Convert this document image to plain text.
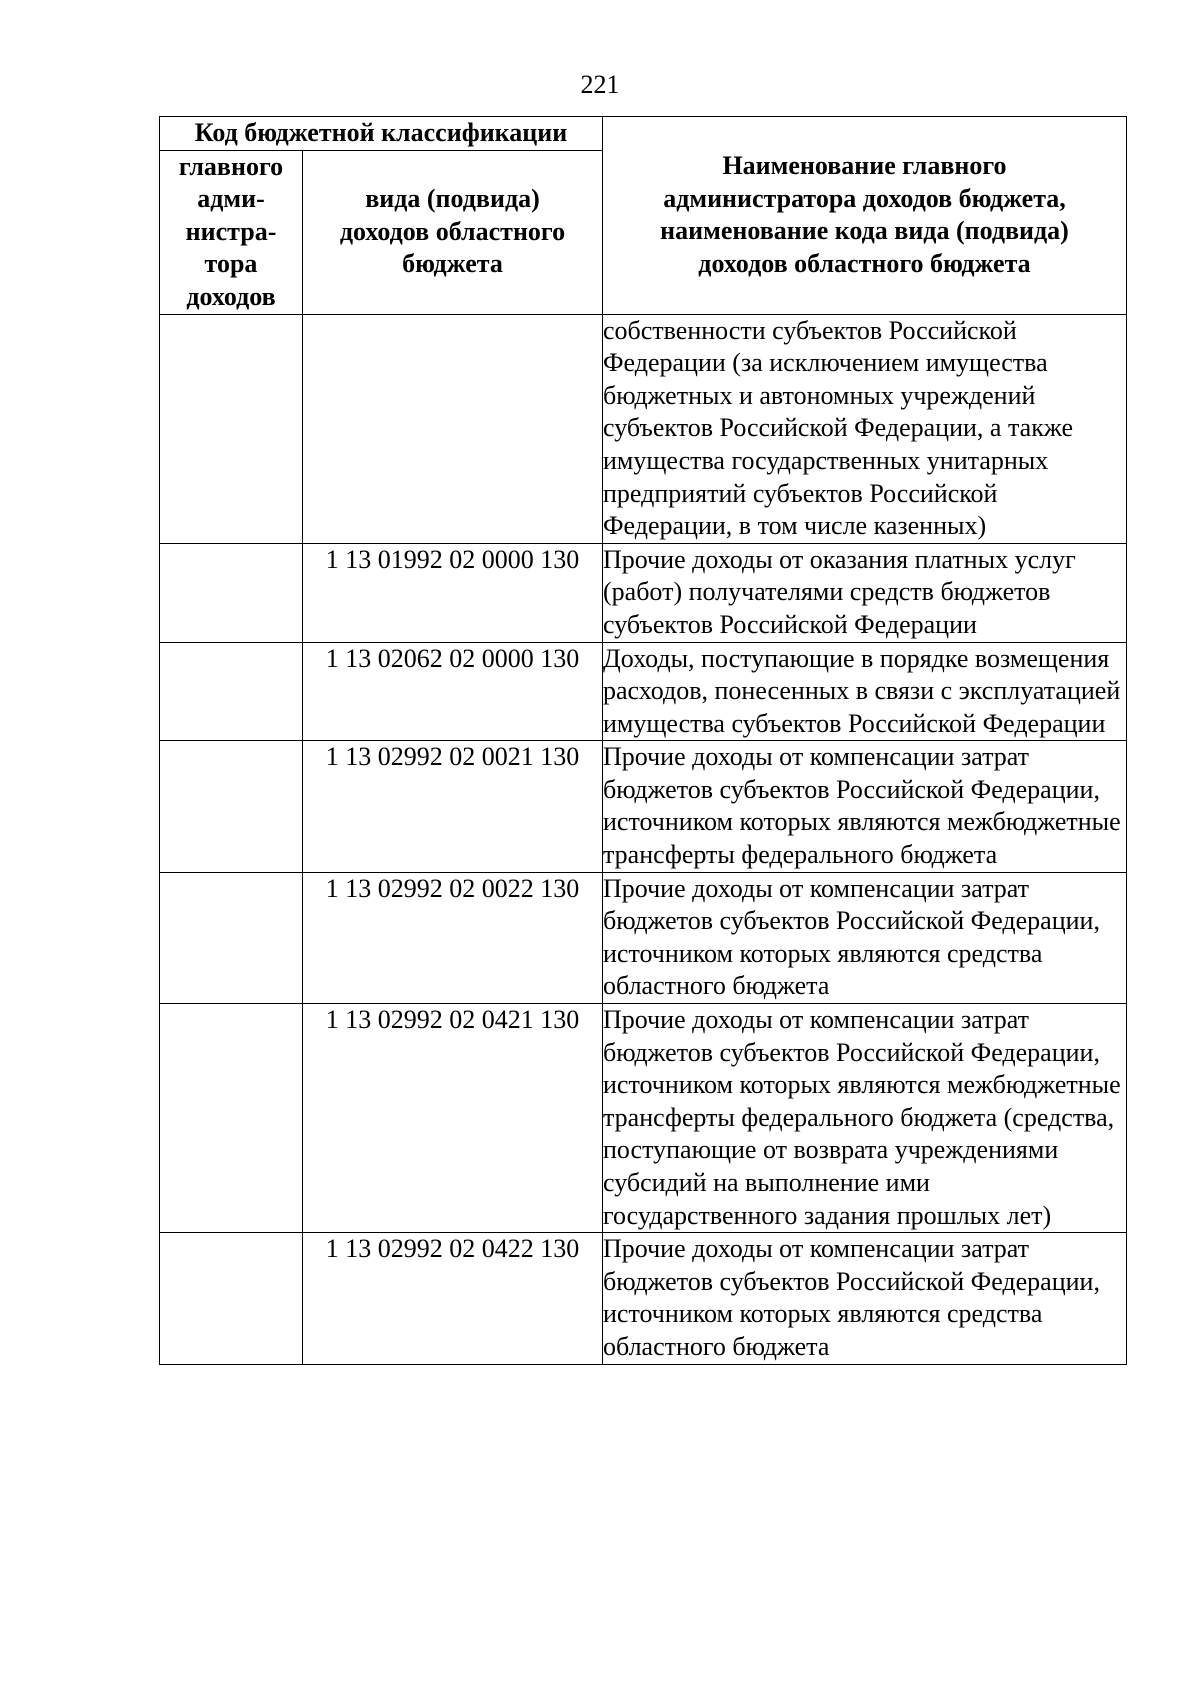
221
Код бюджетной классификации		Наименование главного
администратора доходов бюджета,
наименование кода вида (подвида)
доходов областного бюджета
главного
адми-
нистра-
тора
доходов	вида (подвида)
доходов областного
бюджета	
		собственности субъектов Российской Федерации (за исключением имущества бюджетных и автономных учреждений субъектов Российской Федерации, а также имущества государственных унитарных предприятий субъектов Российской Федерации, в том числе казенных)
	1 13 01992 02 0000 130	Прочие доходы от оказания платных услуг (работ) получателями средств бюджетов субъектов Российской Федерации
	1 13 02062 02 0000 130	Доходы, поступающие в порядке возмещения расходов, понесенных в связи с эксплуатацией имущества субъектов Российской Федерации
	1 13 02992 02 0021 130	Прочие доходы от компенсации затрат бюджетов субъектов Российской Федерации, источником которых являются межбюджетные трансферты федерального бюджета
	1 13 02992 02 0022 130	Прочие доходы от компенсации затрат бюджетов субъектов Российской Федерации, источником которых являются средства областного бюджета
	1 13 02992 02 0421 130	Прочие доходы от компенсации затрат бюджетов субъектов Российской Федерации, источником которых являются межбюджетные трансферты федерального бюджета (средства, поступающие от возврата учреждениями субсидий на выполнение ими государственного задания прошлых лет)
	1 13 02992 02 0422 130	Прочие доходы от компенсации затрат бюджетов субъектов Российской Федерации, источником которых являются средства областного бюджета
